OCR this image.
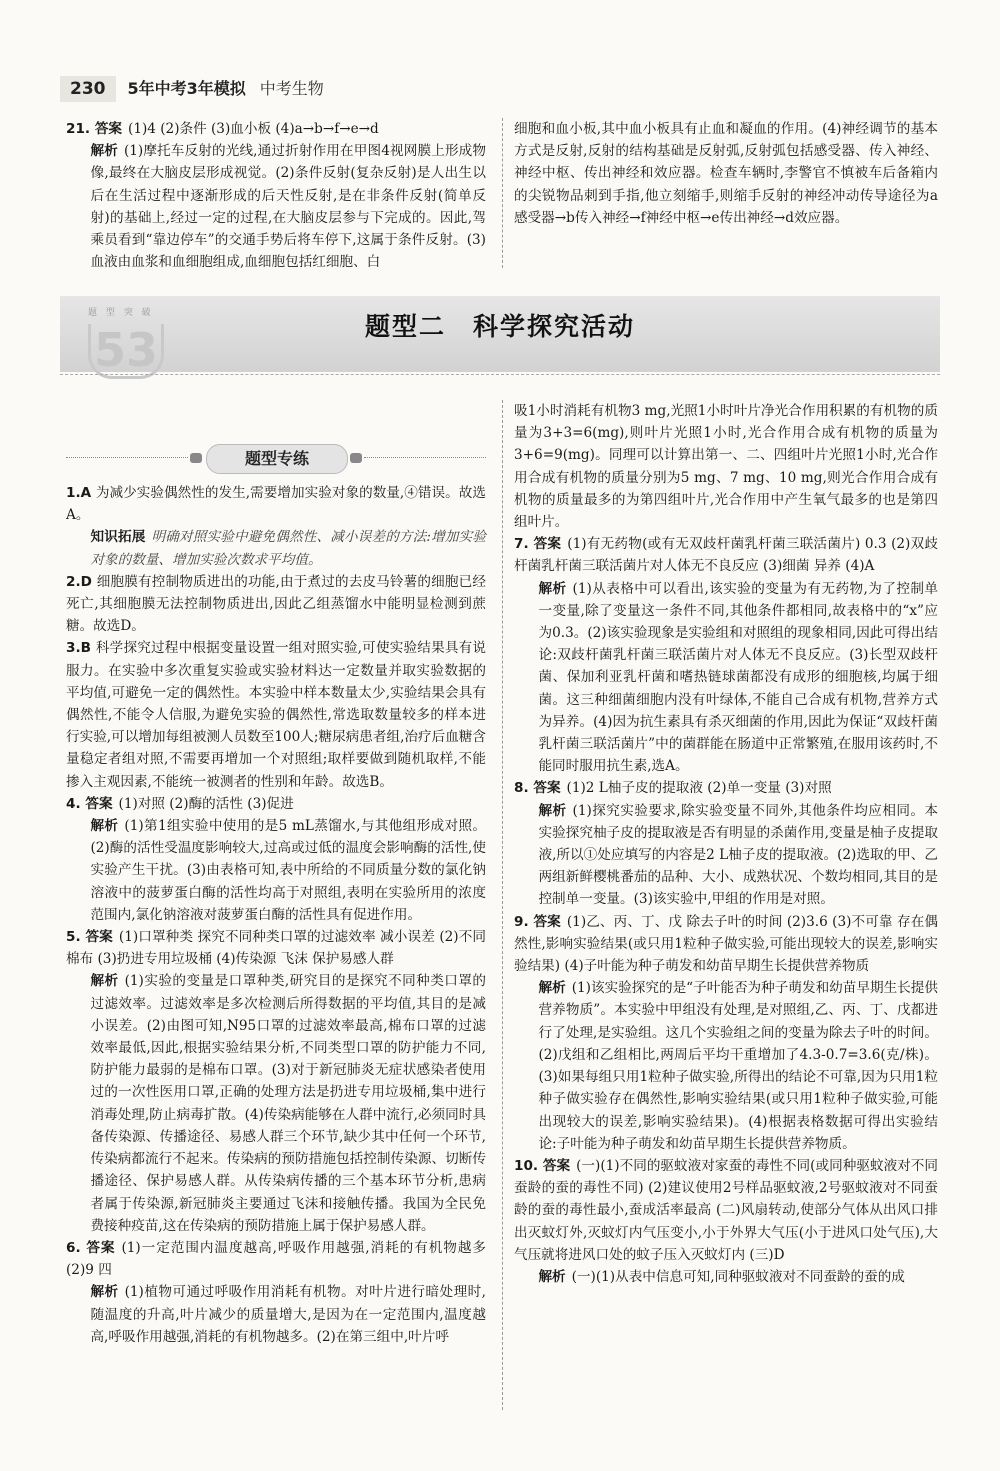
230	5年中考3年模拟 中考生物

21. 答案 (1)4 (2)条件 (3)血小板 (4)a→b→f→e→d

解析 (1)摩托车反射的光线,通过折射作用在甲图4视网膜上形成物像,最终在大脑皮层形成视觉。(2)条件反射(复杂反射)是人出生以后在生活过程中逐渐形成的后天性反射,是在非条件反射(简单反射)的基础上,经过一定的过程,在大脑皮层参与下完成的。因此,驾乘员看到“靠边停车”的交通手势后将车停下,这属于条件反射。(3)血液由血浆和血细胞组成,血细胞包括红细胞、白

细胞和血小板,其中血小板具有止血和凝血的作用。(4)神经调节的基本方式是反射,反射的结构基础是反射弧,反射弧包括感受器、传入神经、神经中枢、传出神经和效应器。检查车辆时,李警官不慎被车后备箱内的尖锐物品刺到手指,他立刻缩手,则缩手反射的神经冲动传导途径为a感受器→b传入神经→f神经中枢→e传出神经→d效应器。

题 型 突 破
53	题型二　科学探究活动
题型专练

1.A 为减少实验偶然性的发生,需要增加实验对象的数量,④错误。故选A。

知识拓展 明确对照实验中避免偶然性、减小误差的方法:增加实验对象的数量、增加实验次数求平均值。

2.D 细胞膜有控制物质进出的功能,由于煮过的去皮马铃薯的细胞已经死亡,其细胞膜无法控制物质进出,因此乙组蒸馏水中能明显检测到蔗糖。故选D。

3.B 科学探究过程中根据变量设置一组对照实验,可使实验结果具有说服力。在实验中多次重复实验或实验材料达一定数量并取实验数据的平均值,可避免一定的偶然性。本实验中样本数量太少,实验结果会具有偶然性,不能令人信服,为避免实验的偶然性,常选取数量较多的样本进行实验,可以增加每组被测人员数至100人;糖尿病患者组,治疗后血糖含量稳定者组对照,不需要再增加一个对照组;取样要做到随机取样,不能掺入主观因素,不能统一被测者的性别和年龄。故选B。

4. 答案 (1)对照 (2)酶的活性 (3)促进

解析 (1)第1组实验中使用的是5 mL蒸馏水,与其他组形成对照。(2)酶的活性受温度影响较大,过高或过低的温度会影响酶的活性,使实验产生干扰。(3)由表格可知,表中所给的不同质量分数的氯化钠溶液中的菠萝蛋白酶的活性均高于对照组,表明在实验所用的浓度范围内,氯化钠溶液对菠萝蛋白酶的活性具有促进作用。

5. 答案 (1)口罩种类 探究不同种类口罩的过滤效率 减小误差 (2)不同 棉布 (3)扔进专用垃圾桶 (4)传染源 飞沫 保护易感人群

解析 (1)实验的变量是口罩种类,研究目的是探究不同种类口罩的过滤效率。过滤效率是多次检测后所得数据的平均值,其目的是减小误差。(2)由图可知,N95口罩的过滤效率最高,棉布口罩的过滤效率最低,因此,根据实验结果分析,不同类型口罩的防护能力不同,防护能力最弱的是棉布口罩。(3)对于新冠肺炎无症状感染者使用过的一次性医用口罩,正确的处理方法是扔进专用垃圾桶,集中进行消毒处理,防止病毒扩散。(4)传染病能够在人群中流行,必须同时具备传染源、传播途径、易感人群三个环节,缺少其中任何一个环节,传染病都流行不起来。传染病的预防措施包括控制传染源、切断传播途径、保护易感人群。从传染病传播的三个基本环节分析,患病者属于传染源,新冠肺炎主要通过飞沫和接触传播。我国为全民免费接种疫苗,这在传染病的预防措施上属于保护易感人群。

6. 答案 (1)一定范围内温度越高,呼吸作用越强,消耗的有机物越多 (2)9 四

解析 (1)植物可通过呼吸作用消耗有机物。对叶片进行暗处理时,随温度的升高,叶片减少的质量增大,是因为在一定范围内,温度越高,呼吸作用越强,消耗的有机物越多。(2)在第三组中,叶片呼

吸1小时消耗有机物3 mg,光照1小时叶片净光合作用积累的有机物的质量为3+3=6(mg),则叶片光照1小时,光合作用合成有机物的质量为3+6=9(mg)。同理可以计算出第一、二、四组叶片光照1小时,光合作用合成有机物的质量分别为5 mg、7 mg、10 mg,则光合作用合成有机物的质量最多的为第四组叶片,光合作用中产生氧气最多的也是第四组叶片。

7. 答案 (1)有无药物(或有无双歧杆菌乳杆菌三联活菌片) 0.3 (2)双歧杆菌乳杆菌三联活菌片对人体无不良反应 (3)细菌 异养 (4)A

解析 (1)从表格中可以看出,该实验的变量为有无药物,为了控制单一变量,除了变量这一条件不同,其他条件都相同,故表格中的“x”应为0.3。(2)该实验现象是实验组和对照组的现象相同,因此可得出结论:双歧杆菌乳杆菌三联活菌片对人体无不良反应。(3)长型双歧杆菌、保加利亚乳杆菌和嗜热链球菌都没有成形的细胞核,均属于细菌。这三种细菌细胞内没有叶绿体,不能自己合成有机物,营养方式为异养。(4)因为抗生素具有杀灭细菌的作用,因此为保证“双歧杆菌乳杆菌三联活菌片”中的菌群能在肠道中正常繁殖,在服用该药时,不能同时服用抗生素,选A。

8. 答案 (1)2 L柚子皮的提取液 (2)单一变量 (3)对照

解析 (1)探究实验要求,除实验变量不同外,其他条件均应相同。本实验探究柚子皮的提取液是否有明显的杀菌作用,变量是柚子皮提取液,所以①处应填写的内容是2 L柚子皮的提取液。(2)选取的甲、乙两组新鲜樱桃番茄的品种、大小、成熟状况、个数均相同,其目的是控制单一变量。(3)该实验中,甲组的作用是对照。

9. 答案 (1)乙、丙、丁、戊 除去子叶的时间 (2)3.6 (3)不可靠 存在偶然性,影响实验结果(或只用1粒种子做实验,可能出现较大的误差,影响实验结果) (4)子叶能为种子萌发和幼苗早期生长提供营养物质

解析 (1)该实验探究的是“子叶能否为种子萌发和幼苗早期生长提供营养物质”。本实验中甲组没有处理,是对照组,乙、丙、丁、戊都进行了处理,是实验组。这几个实验组之间的变量为除去子叶的时间。(2)戊组和乙组相比,两周后平均干重增加了4.3-0.7=3.6(克/株)。(3)如果每组只用1粒种子做实验,所得出的结论不可靠,因为只用1粒种子做实验存在偶然性,影响实验结果(或只用1粒种子做实验,可能出现较大的误差,影响实验结果)。(4)根据表格数据可得出实验结论:子叶能为种子萌发和幼苗早期生长提供营养物质。

10. 答案 (一)(1)不同的驱蚊液对家蚕的毒性不同(或同种驱蚊液对不同蚕龄的蚕的毒性不同) (2)建议使用2号样品驱蚊液,2号驱蚊液对不同蚕龄的蚕的毒性最小,蚕成活率最高 (二)风扇转动,使部分气体从出风口排出灭蚊灯外,灭蚊灯内气压变小,小于外界大气压(小于进风口处气压),大气压就将进风口处的蚊子压入灭蚊灯内 (三)D

解析 (一)(1)从表中信息可知,同种驱蚊液对不同蚕龄的蚕的成
